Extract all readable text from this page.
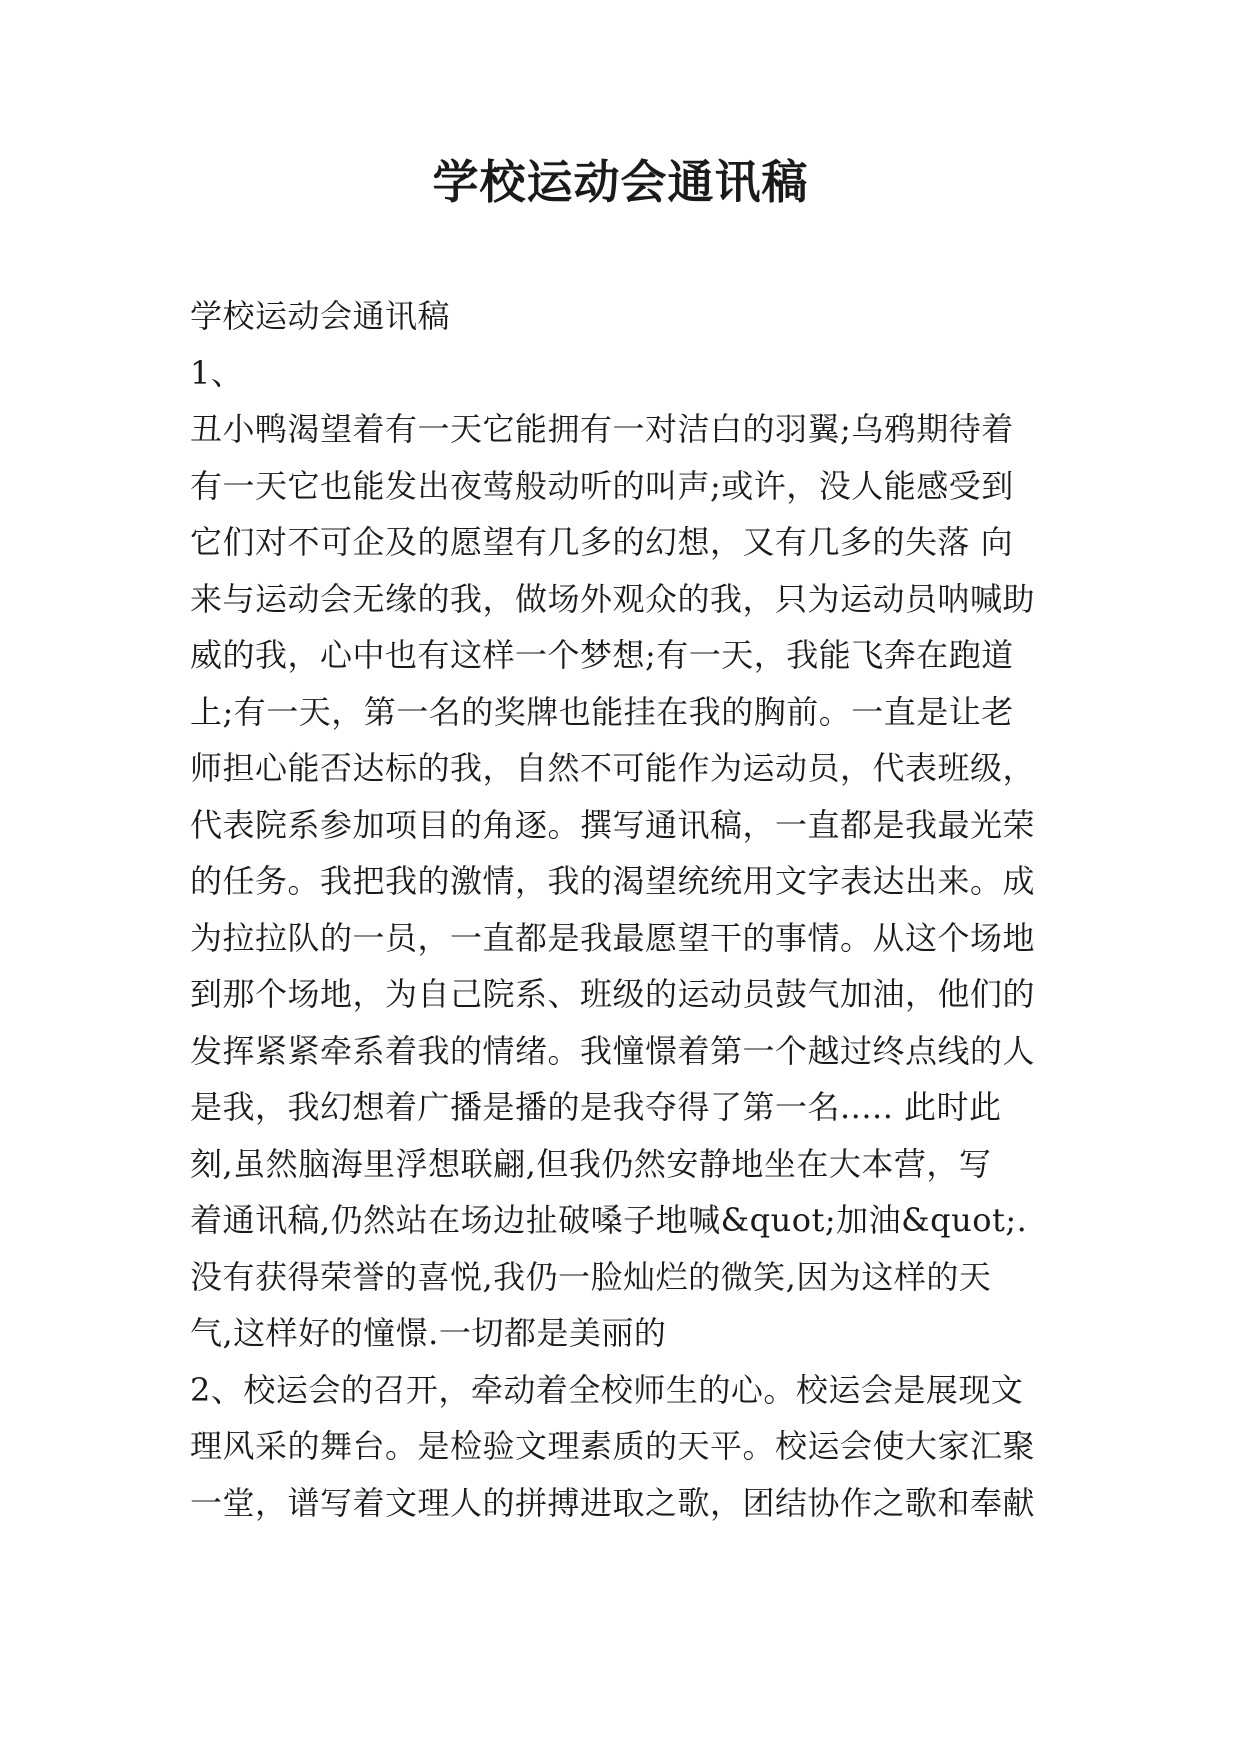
学校运动会通讯稿
学校运动会通讯稿
1、
丑小鸭渴望着有一天它能拥有一对洁白的羽翼;乌鸦期待着
有一天它也能发出夜莺般动听的叫声;或许，没人能感受到
它们对不可企及的愿望有几多的幻想，又有几多的失落 向
来与运动会无缘的我，做场外观众的我，只为运动员呐喊助
威的我，心中也有这样一个梦想;有一天，我能飞奔在跑道
上;有一天，第一名的奖牌也能挂在我的胸前。一直是让老
师担心能否达标的我，自然不可能作为运动员，代表班级，
代表院系参加项目的角逐。撰写通讯稿，一直都是我最光荣
的任务。我把我的激情，我的渴望统统用文字表达出来。成
为拉拉队的一员，一直都是我最愿望干的事情。从这个场地
到那个场地，为自己院系、班级的运动员鼓气加油，他们的
发挥紧紧牵系着我的情绪。我憧憬着第一个越过终点线的人
是我，我幻想着广播是播的是我夺得了第一名..... 此时此
刻,虽然脑海里浮想联翩,但我仍然安静地坐在大本营，写
着通讯稿,仍然站在场边扯破嗓子地喊&quot;加油&quot;.
没有获得荣誉的喜悦,我仍一脸灿烂的微笑,因为这样的天
气,这样好的憧憬.一切都是美丽的
2、校运会的召开，牵动着全校师生的心。校运会是展现文
理风采的舞台。是检验文理素质的天平。校运会使大家汇聚
一堂，谱写着文理人的拼搏进取之歌，团结协作之歌和奉献
